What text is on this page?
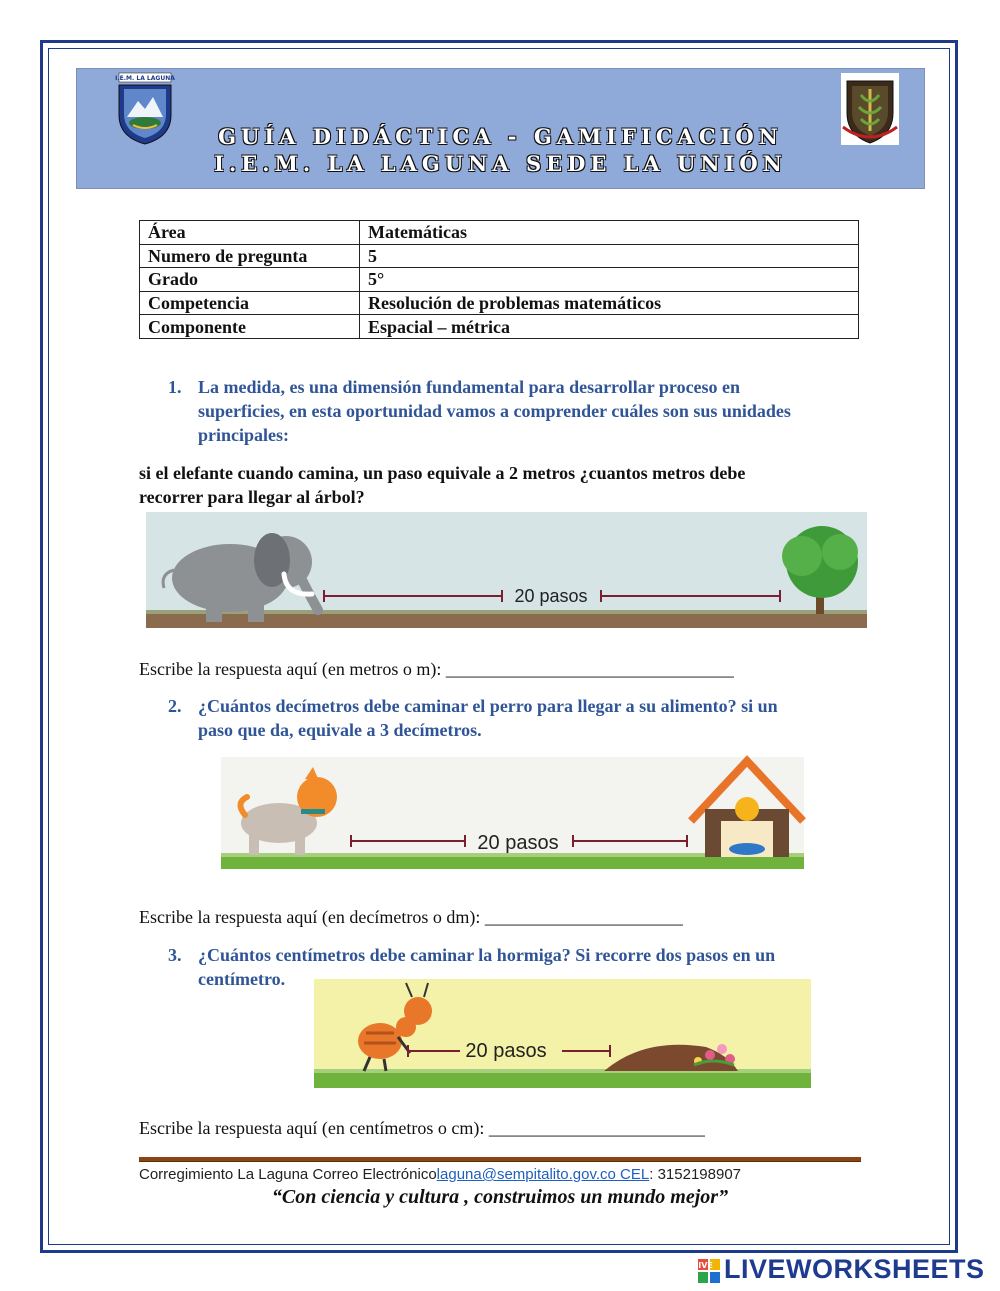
I.E.M. LA LAGUNA
GUÍA DIDÁCTICA - GAMIFICACIÓN
I.E.M. LA LAGUNA SEDE LA UNIÓN
Área	Matemáticas
Numero de pregunta	5
Grado	5°
Competencia	Resolución de problemas matemáticos
Componente	Espacial – métrica
1. La medida, es una dimensión fundamental para desarrollar proceso en
superficies, en esta oportunidad vamos a comprender cuáles son sus unidades
principales:
si el elefante cuando camina, un paso equivale a 2 metros ¿cuantos metros debe
recorrer para llegar al árbol?
20 pasos
Escribe la respuesta aquí (en metros o m): ________________________________
2. ¿Cuántos decímetros debe caminar el perro para llegar a su alimento? si un
paso que da, equivale a 3 decímetros.
20 pasos
Escribe la respuesta aquí (en decímetros o dm): ______________________
3. ¿Cuántos centímetros debe caminar la hormiga? Si recorre dos pasos en un
centímetro.
20 pasos
Escribe la respuesta aquí (en centímetros o cm): ________________________
Corregimiento La Laguna Correo Electrónicolaguna@sempitalito.gov.co CEL: 3152198907
“Con ciencia y cultura , construimos un mundo mejor”
LIVE LIVEWORKSHEETS
